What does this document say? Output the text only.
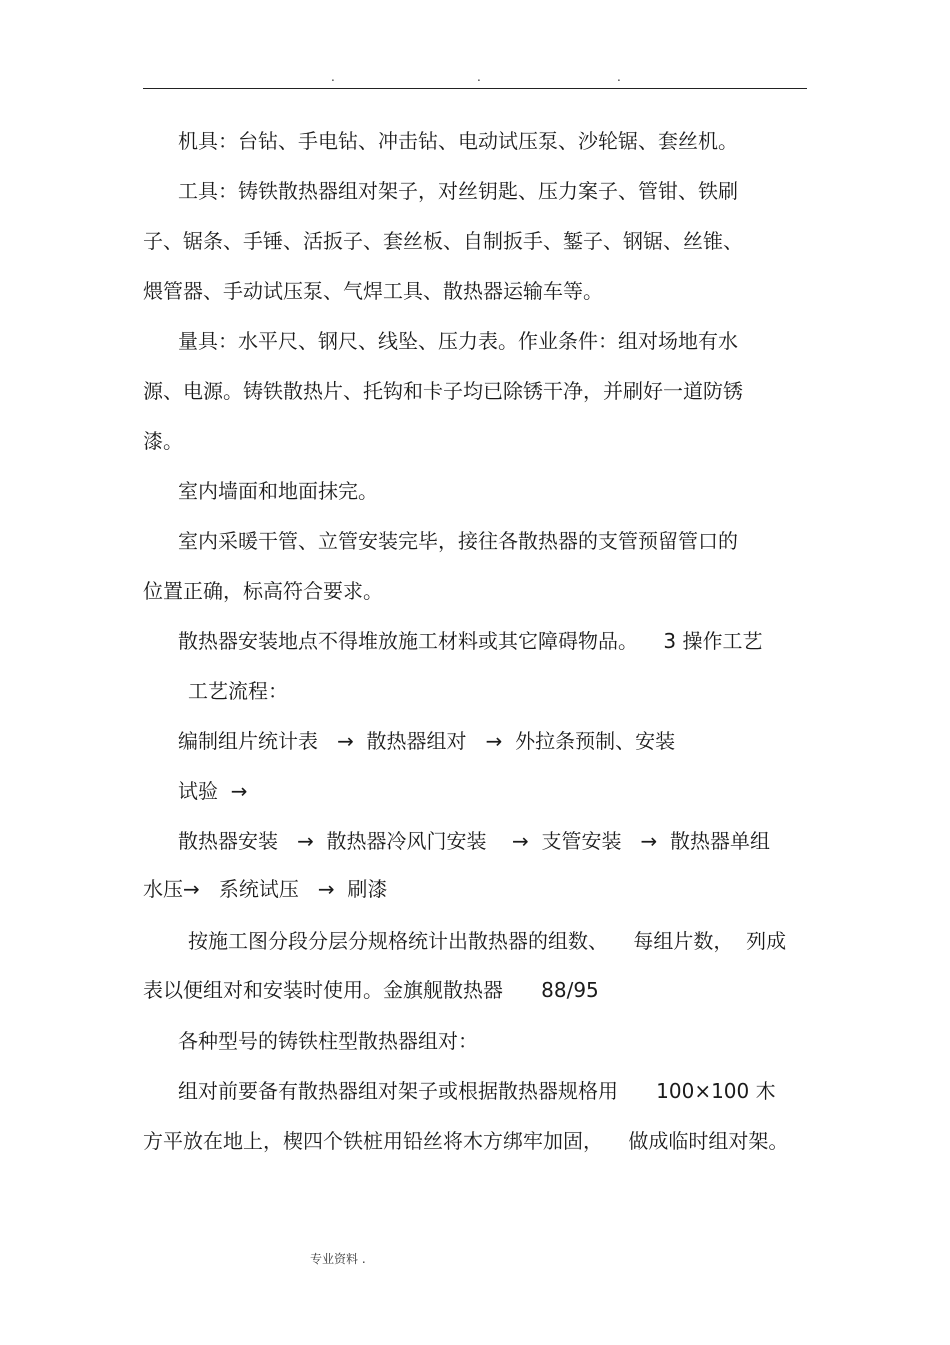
.	.	.
机具：台钻、手电钻、冲击钻、电动试压泵、沙轮锯、套丝机。
工具：铸铁散热器组对架子，对丝钥匙、压力案子、管钳、铁刷
子、锯条、手锤、活扳子、套丝板、自制扳手、錾子、钢锯、丝锥、
煨管器、手动试压泵、气焊工具、散热器运输车等。
量具：水平尺、钢尺、线坠、压力表。作业条件：组对场地有水
源、电源。铸铁散热片、托钩和卡子均已除锈干净，并刷好一道防锈
漆。
室内墙面和地面抹完。
室内采暖干管、立管安装完毕，接往各散热器的支管预留管口的
位置正确，标高符合要求。
散热器安装地点不得堆放施工材料或其它障碍物品。    3 操作工艺
工艺流程：
编制组片统计表   →  散热器组对   →  外拉条预制、安装
试验  →
散热器安装   →  散热器冷风门安装    →  支管安装   →  散热器单组
水压→   系统试压   →  刷漆
按施工图分段分层分规格统计出散热器的组数、    每组片数，  列成
表以便组对和安装时使用。金旗舰散热器      88/95
各种型号的铸铁柱型散热器组对：
组对前要备有散热器组对架子或根据散热器规格用      100×100 木
方平放在地上，楔四个铁桩用铅丝将木方绑牢加固，    做成临时组对架。
专业资料 .
